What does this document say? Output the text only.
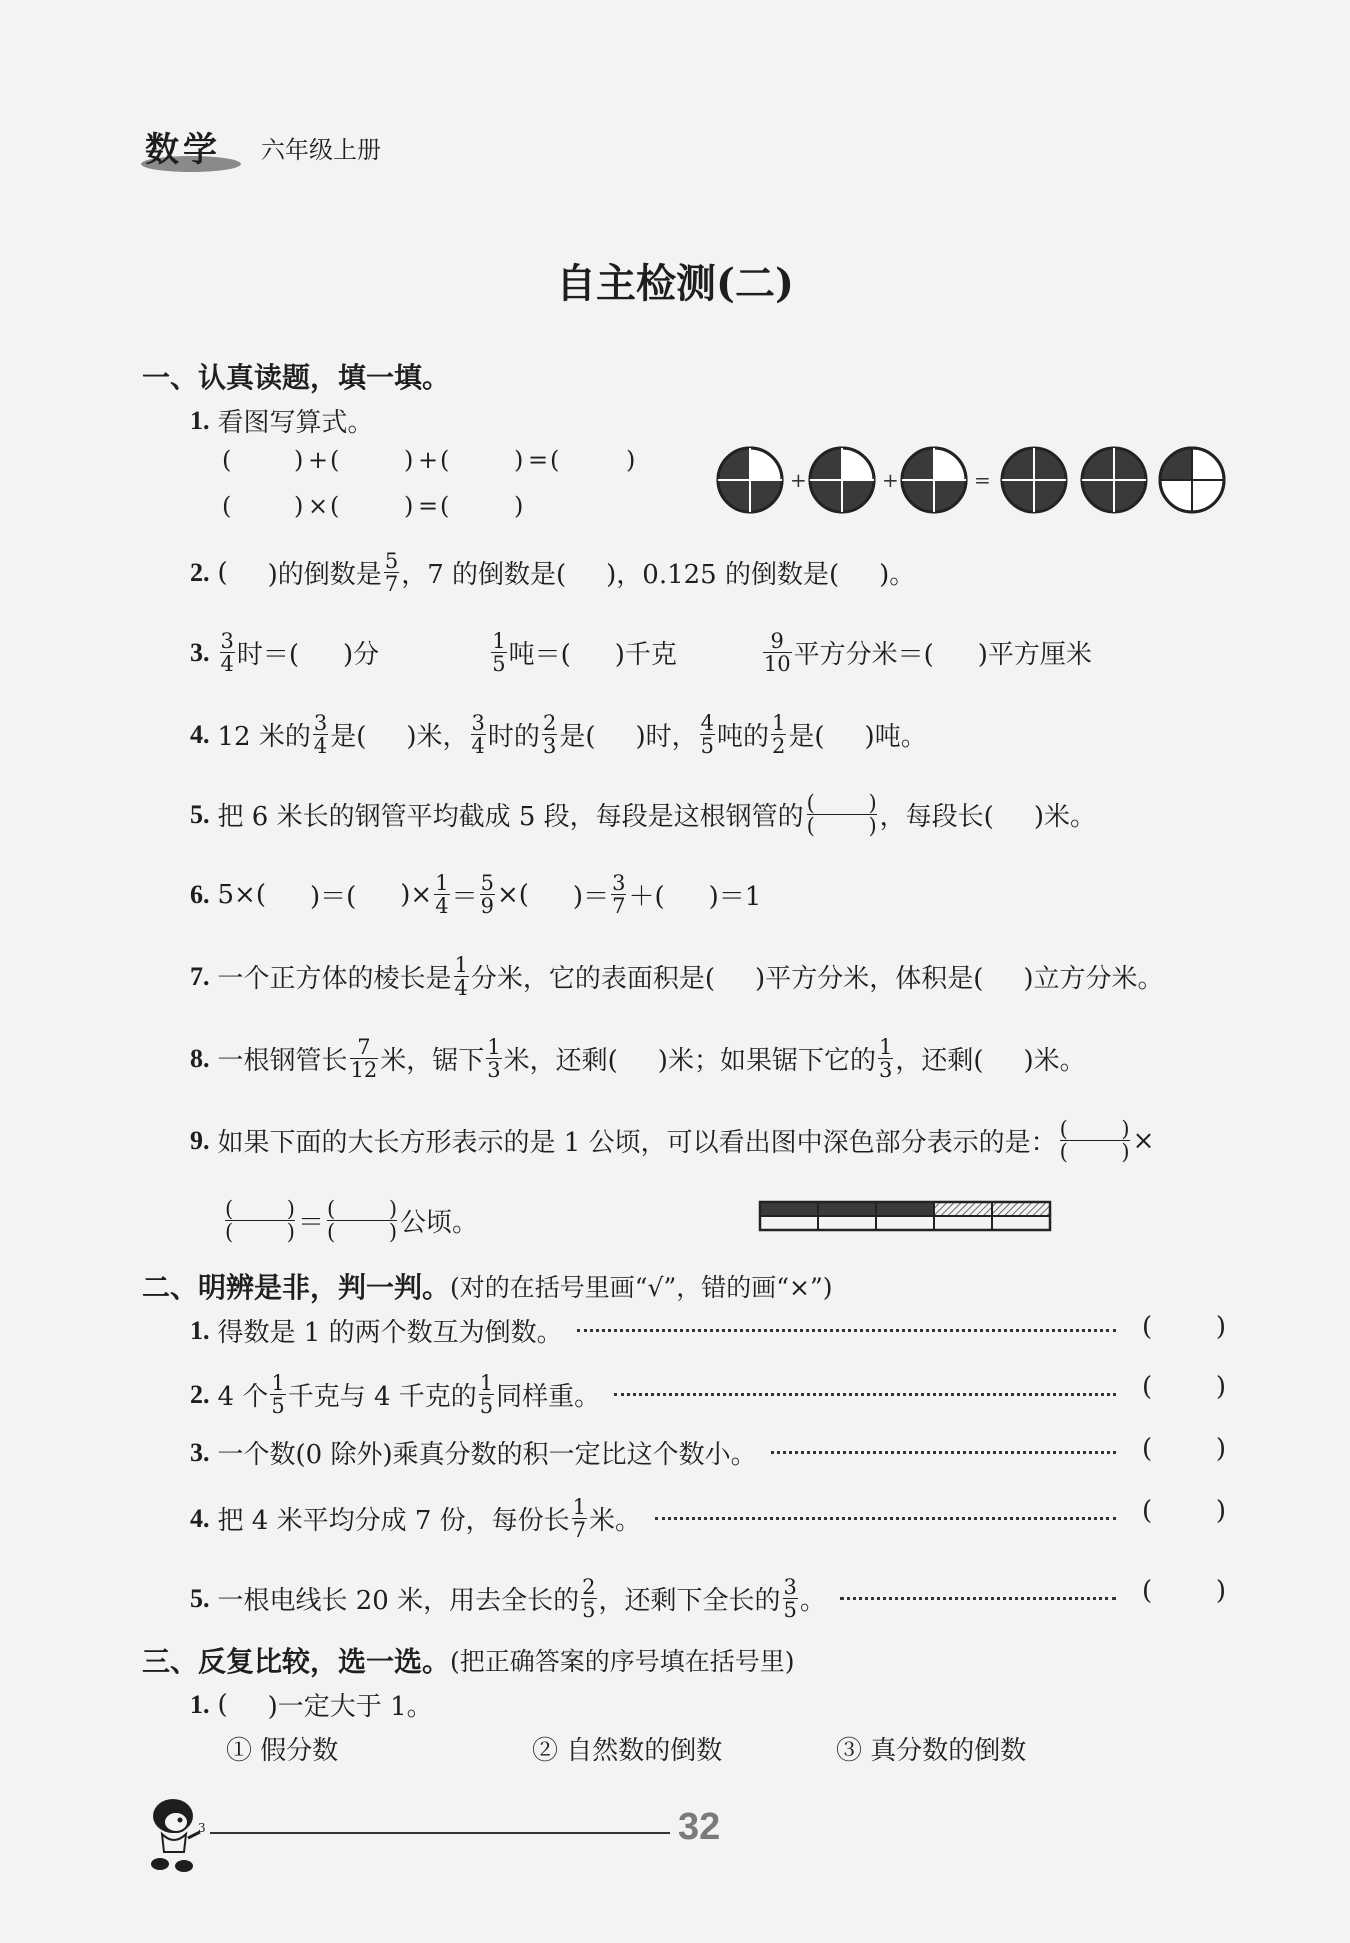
数学 六年级上册
自主检测(二)
一、认真读题，填一填。
1. 看图写算式。
(	) + (	) + (	) = (	)
(	) × (	) = (	)
+	+	=
2. ( )的倒数是 $\frac{5}{7}$ ，7 的倒数是( )，0.125 的倒数是( )。
3. $\frac{3}{4}$ 时＝( )分	$\frac{1}{5}$ 吨＝( )千克	$\frac{9}{10}$ 平方分米＝( )平方厘米
4. 12 米的 $\frac{3}{4}$ 是( )米， $\frac{3}{4}$ 时的 $\frac{2}{3}$ 是( )时， $\frac{4}{5}$ 吨的 $\frac{1}{2}$ 是( )吨。
5. 把 6 米长的钢管平均截成 5 段，每段是这根钢管的 (	)
(	) ，每段长( )米。
6. 5×( )＝( )× $\frac{1}{4} = \frac{5}{9}$ ×( )＝ $\frac{3}{7}$ ＋( )＝1
7. 一个正方体的棱长是 $\frac{1}{4}$ 分米，它的表面积是( )平方分米，体积是( )立方分米。
8. 一根钢管长 $\frac{7}{12}$ 米，锯下 $\frac{1}{3}$ 米，还剩( )米；如果锯下它的 $\frac{1}{3}$ ，还剩( )米。
9. 如果下面的大长方形表示的是 1 公顷，可以看出图中深色部分表示的是： (	)
(	) ×
(	)
(	) ＝ (	)
(	) 公顷。
二、明辨是非，判一判。 (对的在括号里画“√”，错的画“×”)
1. 得数是 1 的两个数互为倒数。	( )
2. 4 个 $\frac{1}{5}$ 千克与 4 千克的 $\frac{1}{5}$ 同样重。	( )
3. 一个数(0 除外)乘真分数的积一定比这个数小。	( )
4. 把 4 米平均分成 7 份，每份长 $\frac{1}{7}$ 米。	( )
5. 一根电线长 20 米，用去全长的 $\frac{2}{5}$ ，还剩下全长的 $\frac{3}{5}$ 。	( )
三、反复比较，选一选。 (把正确答案的序号填在括号里)
1. ( )一定大于 1。
① 假分数	② 自然数的倒数	③ 真分数的倒数
3	32
